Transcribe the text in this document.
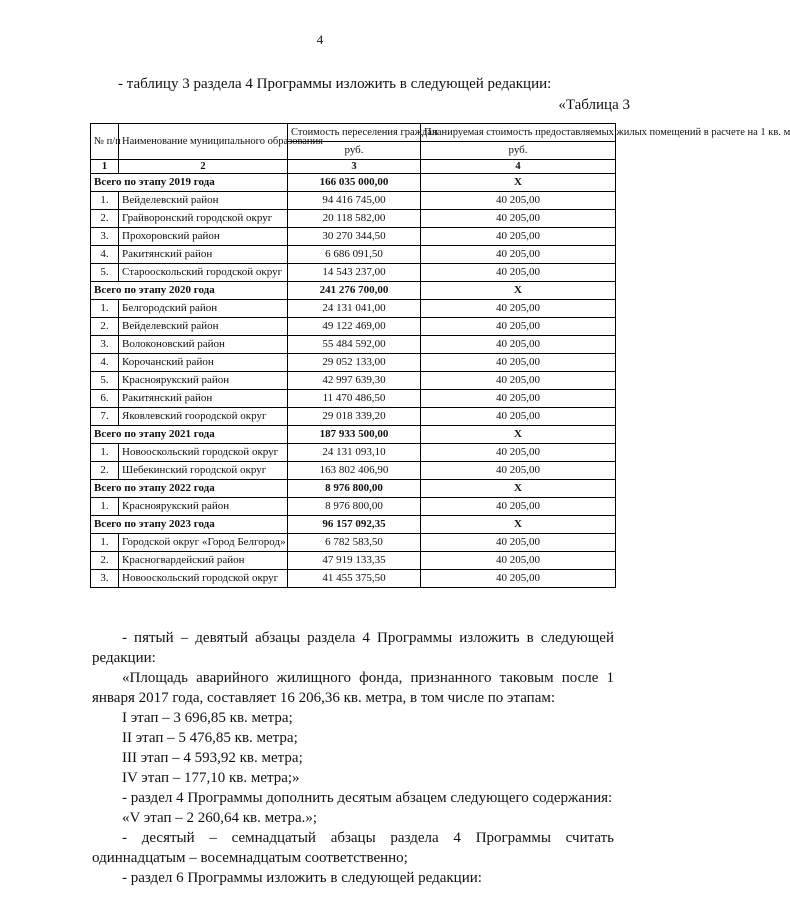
4
- таблицу 3 раздела 4 Программы изложить в следующей редакции:
«Таблица 3
№ п/п	Наименование муниципального образования	Стоимость переселения граждан	Планируемая стоимость предоставляемых жилых помещений в расчете на 1 кв. м
		руб.	руб.
1	2	3	4
Всего по этапу 2019 года		166 035 000,00	X
1.	Вейделевский район	94 416 745,00	40 205,00
2.	Грайворонский городской округ	20 118 582,00	40 205,00
3.	Прохоровский район	30 270 344,50	40 205,00
4.	Ракитянский район	6 686 091,50	40 205,00
5.	Старооскольский городской округ	14 543 237,00	40 205,00
Всего по этапу 2020 года		241 276 700,00	X
1.	Белгородский район	24 131 041,00	40 205,00
2.	Вейделевский район	49 122 469,00	40 205,00
3.	Волоконовский район	55 484 592,00	40 205,00
4.	Корочанский район	29 052 133,00	40 205,00
5.	Красноярукский район	42 997 639,30	40 205,00
6.	Ракитянский район	11 470 486,50	40 205,00
7.	Яковлевский гоородской округ	29 018 339,20	40 205,00
Всего по этапу 2021 года		187 933 500,00	X
1.	Новооскольский городской округ	24 131 093,10	40 205,00
2.	Шебекинский городской округ	163 802 406,90	40 205,00
Всего по этапу 2022 года		8 976 800,00	X
1.	Красноярукский район	8 976 800,00	40 205,00
Всего по этапу 2023 года		96 157 092,35	X
1.	Городской округ «Город Белгород»	6 782 583,50	40 205,00
2.	Красногвардейский район	47 919 133,35	40 205,00
3.	Новооскольский городской округ	41 455 375,50	40 205,00

- пятый – девятый абзацы раздела 4 Программы изложить в следующей редакции:

«Площадь аварийного жилищного фонда, признанного таковым после 1 января 2017 года, составляет 16 206,36 кв. метра, в том числе по этапам:

I этап – 3 696,85 кв. метра;

II этап – 5 476,85 кв. метра;

III этап – 4 593,92 кв. метра;

IV этап – 177,10 кв. метра;»

- раздел 4 Программы дополнить десятым абзацем следующего содержания:

«V этап – 2 260,64 кв. метра.»;

- десятый – семнадцатый абзацы раздела 4 Программы считать одиннадцатым – восемнадцатым соответственно;

- раздел 6 Программы изложить в следующей редакции:
